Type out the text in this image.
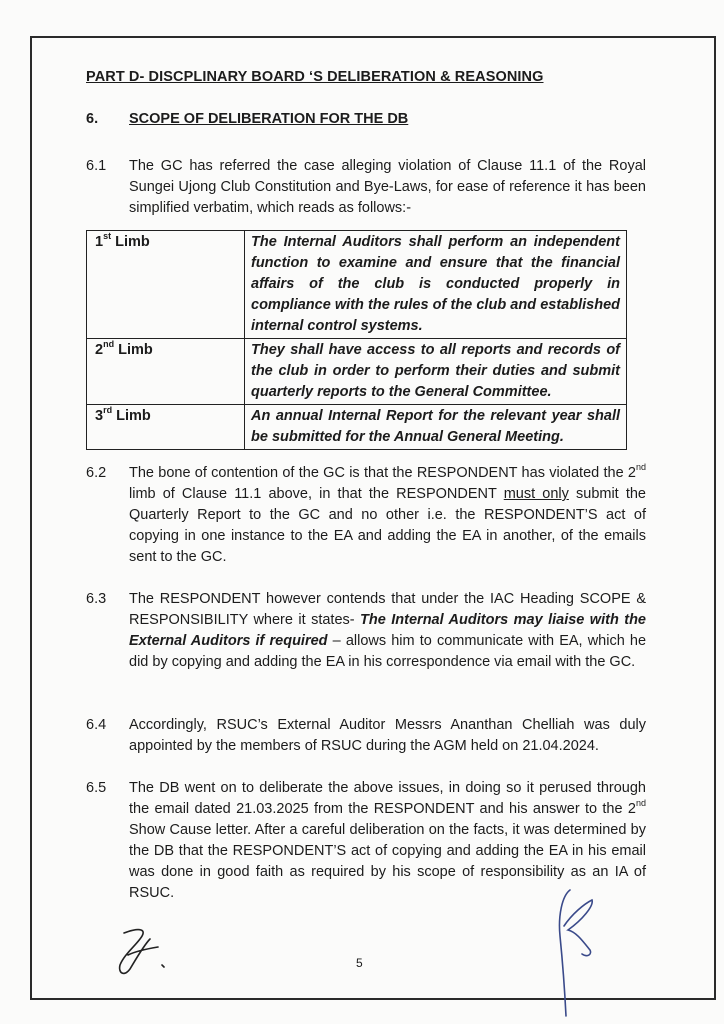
PART D- DISCPLINARY BOARD ‘S DELIBERATION & REASONING
6. SCOPE OF DELIBERATION FOR THE DB
6.1 The GC has referred the case alleging violation of Clause 11.1 of the Royal Sungei Ujong Club Constitution and Bye-Laws, for ease of reference it has been simplified verbatim, which reads as follows:-
1st Limb	The Internal Auditors shall perform an independent function to examine and ensure that the financial affairs of the club is conducted properly in compliance with the rules of the club and established internal control systems.
2nd Limb	They shall have access to all reports and records of the club in order to perform their duties and submit quarterly reports to the General Committee.
3rd Limb	An annual Internal Report for the relevant year shall be submitted for the Annual General Meeting.
6.2 The bone of contention of the GC is that the RESPONDENT has violated the 2nd limb of Clause 11.1 above, in that the RESPONDENT must only submit the Quarterly Report to the GC and no other i.e. the RESPONDENT’S act of copying in one instance to the EA and adding the EA in another, of the emails sent to the GC.
6.3 The RESPONDENT however contends that under the IAC Heading SCOPE & RESPONSIBILITY where it states- The Internal Auditors may liaise with the External Auditors if required – allows him to communicate with EA, which he did by copying and adding the EA in his correspondence via email with the GC.
6.4 Accordingly, RSUC’s External Auditor Messrs Ananthan Chelliah was duly appointed by the members of RSUC during the AGM held on 21.04.2024.
6.5 The DB went on to deliberate the above issues, in doing so it perused through the email dated 21.03.2025 from the RESPONDENT and his answer to the 2nd Show Cause letter. After a careful deliberation on the facts, it was determined by the DB that the RESPONDENT’S act of copying and adding the EA in his email was done in good faith as required by his scope of responsibility as an IA of RSUC.
5
